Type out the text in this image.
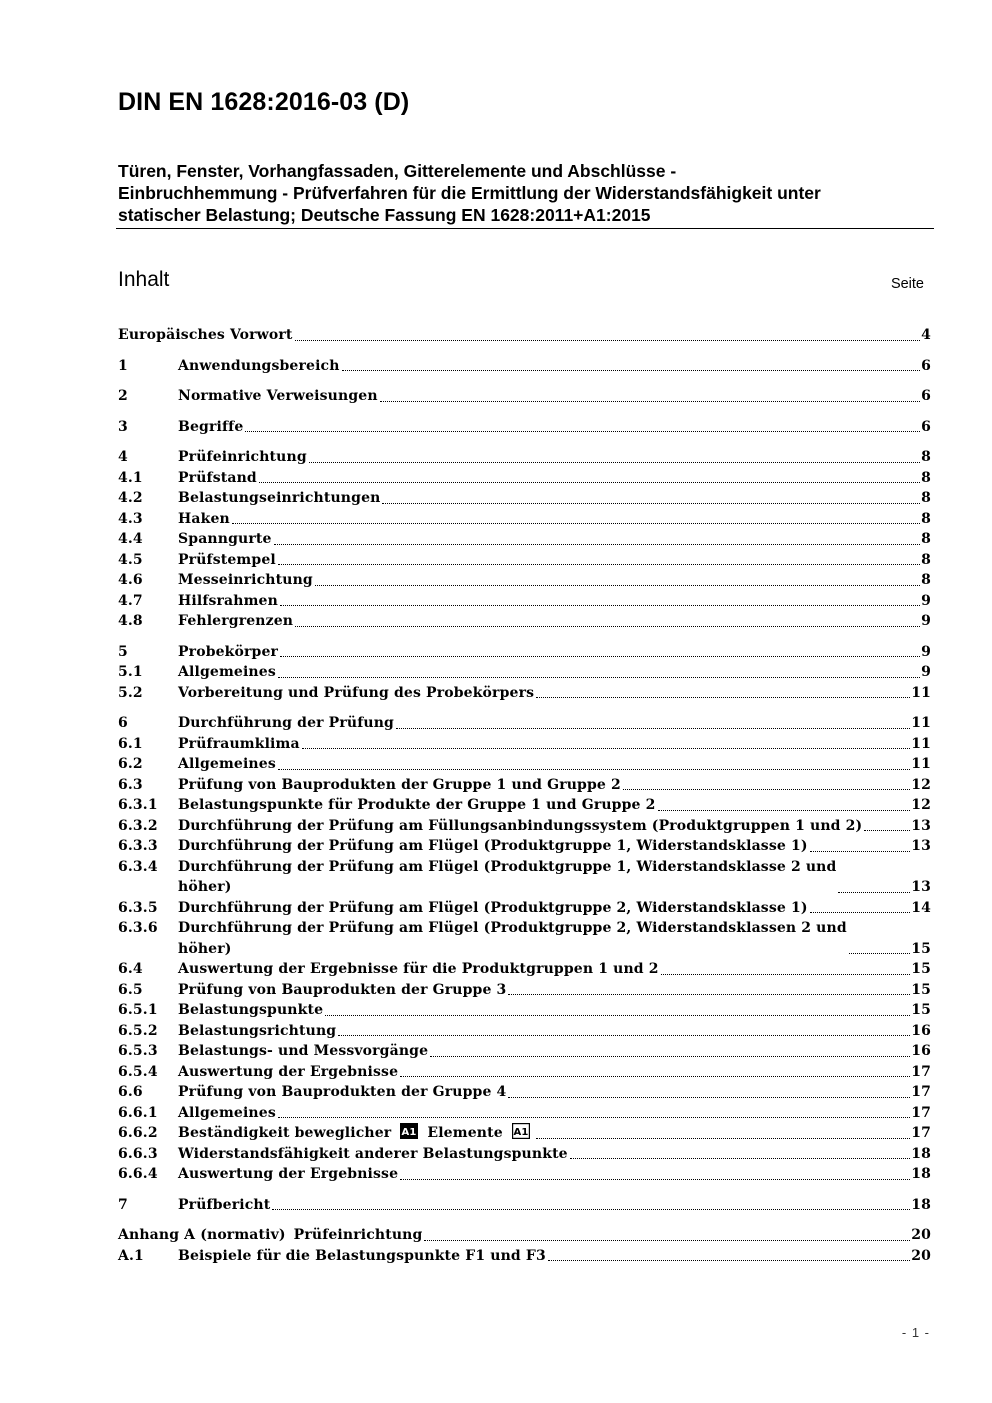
DIN EN 1628:2016-03 (D)
Türen, Fenster, Vorhangfassaden, Gitterelemente und Abschlüsse -
Einbruchhemmung - Prüfverfahren für die Ermittlung der Widerstandsfähigkeit unter
statischer Belastung; Deutsche Fassung EN 1628:2011+A1:2015
Inhalt	Seite
Europäisches Vorwort	4
1	Anwendungsbereich	6
2	Normative Verweisungen	6
3	Begriffe	6
4	Prüfeinrichtung	8
4.1	Prüfstand	8
4.2	Belastungseinrichtungen	8
4.3	Haken	8
4.4	Spanngurte	8
4.5	Prüfstempel	8
4.6	Messeinrichtung	8
4.7	Hilfsrahmen	9
4.8	Fehlergrenzen	9
5	Probekörper	9
5.1	Allgemeines	9
5.2	Vorbereitung und Prüfung des Probekörpers	11
6	Durchführung der Prüfung	11
6.1	Prüfraumklima	11
6.2	Allgemeines	11
6.3	Prüfung von Bauprodukten der Gruppe 1 und Gruppe 2	12
6.3.1	Belastungspunkte für Produkte der Gruppe 1 und Gruppe 2	12
6.3.2	Durchführung der Prüfung am Füllungsanbindungssystem (Produktgruppen 1 und 2)	13
6.3.3	Durchführung der Prüfung am Flügel (Produktgruppe 1, Widerstandsklasse 1)	13
6.3.4	Durchführung der Prüfung am Flügel (Produktgruppe 1, Widerstandsklasse 2 und
höher)	13
6.3.5	Durchführung der Prüfung am Flügel (Produktgruppe 2, Widerstandsklasse 1)	14
6.3.6	Durchführung der Prüfung am Flügel (Produktgruppe 2, Widerstandsklassen 2 und
höher)	15
6.4	Auswertung der Ergebnisse für die Produktgruppen 1 und 2	15
6.5	Prüfung von Bauprodukten der Gruppe 3	15
6.5.1	Belastungspunkte	15
6.5.2	Belastungsrichtung	16
6.5.3	Belastungs- und Messvorgänge	16
6.5.4	Auswertung der Ergebnisse	17
6.6	Prüfung von Bauprodukten der Gruppe 4	17
6.6.1	Allgemeines	17
6.6.2	Beständigkeit beweglicher A1 Elemente A1	17
6.6.3	Widerstandsfähigkeit anderer Belastungspunkte	18
6.6.4	Auswertung der Ergebnisse	18
7	Prüfbericht	18
Anhang A (normativ) Prüfeinrichtung	20
A.1	Beispiele für die Belastungspunkte F1 und F3	20
- 1 -
